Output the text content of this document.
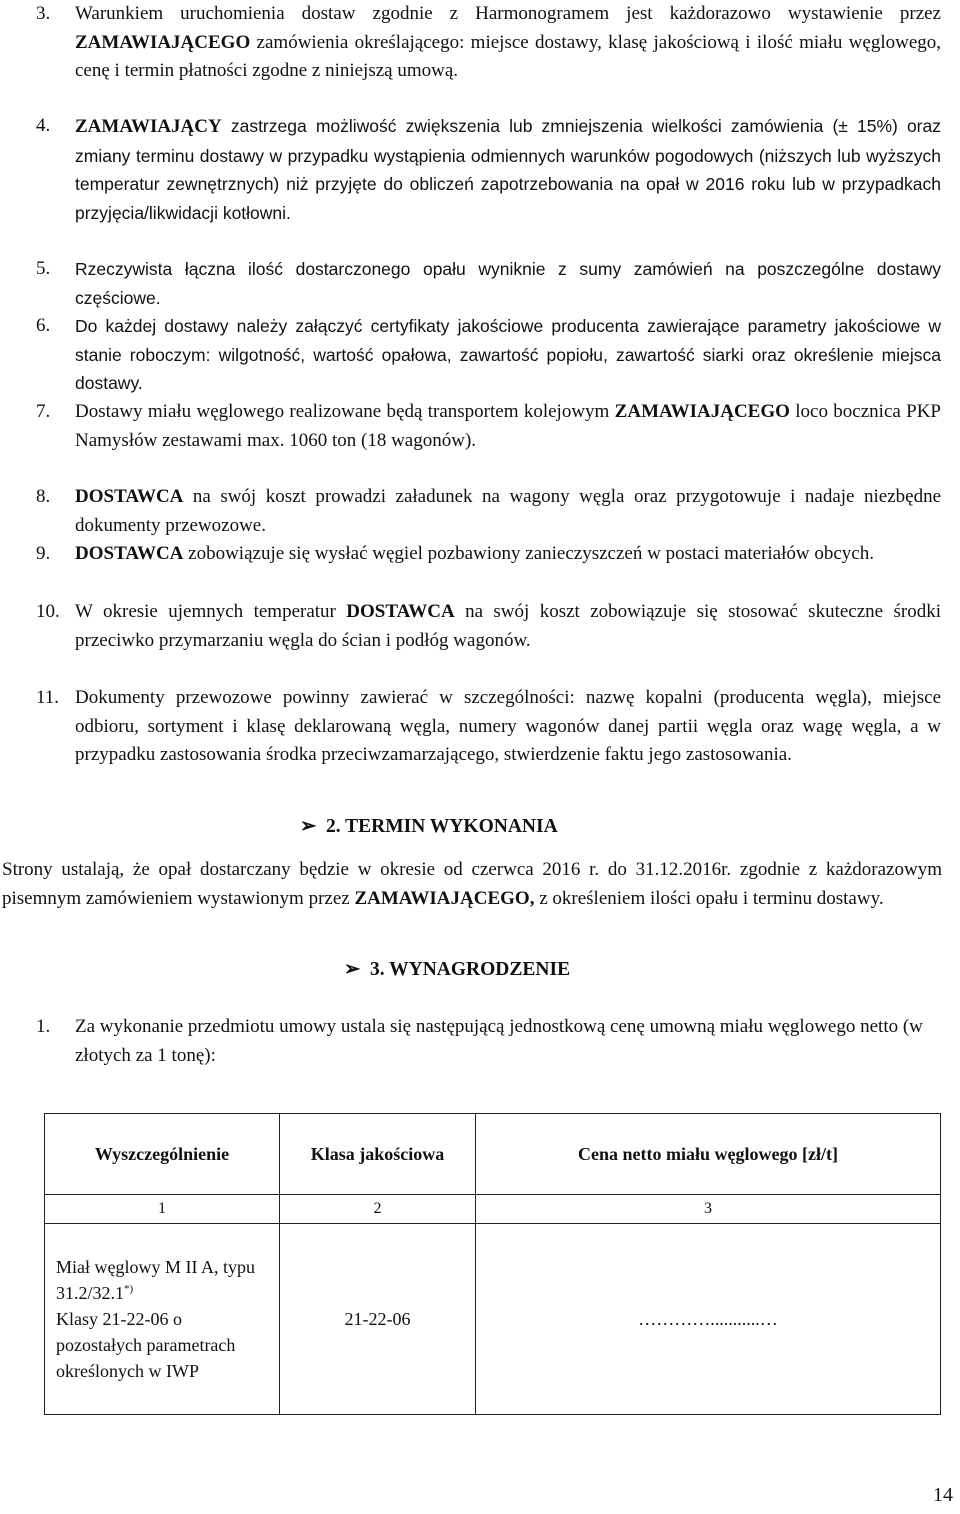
3. Warunkiem uruchomienia dostaw zgodnie z Harmonogramem jest każdorazowo wystawienie przez ZAMAWIAJĄCEGO zamówienia określającego: miejsce dostawy, klasę jakościową i ilość miału węglowego, cenę i termin płatności zgodne z niniejszą umową.
4. ZAMAWIAJĄCY zastrzega możliwość zwiększenia lub zmniejszenia wielkości zamówienia (± 15%) oraz zmiany terminu dostawy w przypadku wystąpienia odmiennych warunków pogodowych (niższych lub wyższych temperatur zewnętrznych) niż przyjęte do obliczeń zapotrzebowania na opał w 2016 roku lub w przypadkach przyjęcia/likwidacji kotłowni.
5. Rzeczywista łączna ilość dostarczonego opału wyniknie z sumy zamówień na poszczególne dostawy częściowe.
6. Do każdej dostawy należy załączyć certyfikaty jakościowe producenta zawierające parametry jakościowe w stanie roboczym: wilgotność, wartość opałowa, zawartość popiołu, zawartość siarki oraz określenie miejsca dostawy.
7. Dostawy miału węglowego realizowane będą transportem kolejowym ZAMAWIAJĄCEGO loco bocznica PKP Namysłów zestawami max. 1060 ton (18 wagonów).
8. DOSTAWCA na swój koszt prowadzi załadunek na wagony węgla oraz przygotowuje i nadaje niezbędne dokumenty przewozowe.
9. DOSTAWCA zobowiązuje się wysłać węgiel pozbawiony zanieczyszczeń w postaci materiałów obcych.
10. W okresie ujemnych temperatur DOSTAWCA na swój koszt zobowiązuje się stosować skuteczne środki przeciwko przymarzaniu węgla do ścian i podłóg wagonów.
11. Dokumenty przewozowe powinny zawierać w szczególności: nazwę kopalni (producenta węgla), miejsce odbioru, sortyment i klasę deklarowaną węgla, numery wagonów danej partii węgla oraz wagę węgla, a w przypadku zastosowania środka przeciwzamarzającego, stwierdzenie faktu jego zastosowania.
➢ 2. TERMIN WYKONANIA
Strony ustalają, że opał dostarczany będzie w okresie od czerwca 2016 r. do 31.12.2016r. zgodnie z każdorazowym pisemnym zamówieniem wystawionym przez ZAMAWIAJĄCEGO, z określeniem ilości opału i terminu dostawy.
➢ 3. WYNAGRODZENIE
1. Za wykonanie przedmiotu umowy ustala się następującą jednostkową cenę umowną miału węglowego netto (w złotych za 1 tonę):
Wyszczególnienie	Klasa jakościowa	Cena netto miału węglowego [zł/t]
1	2	3
Miał węglowy M II A, typu 31.2/32.1*)
Klasy 21-22-06 o pozostałych parametrach określonych w IWP	21-22-06	…………...........…
14
